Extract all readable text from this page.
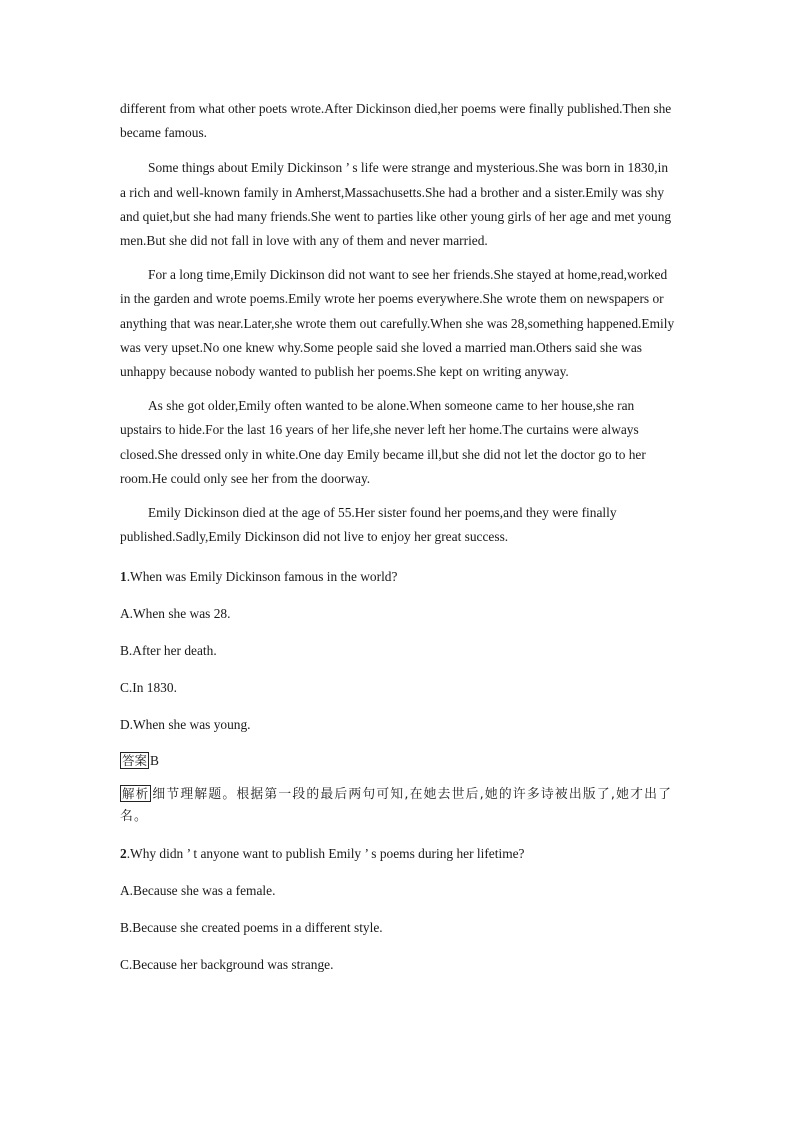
different from what other poets wrote.After Dickinson died,her poems were finally published.Then she became famous.

Some things about Emily Dickinson ’ s life were strange and mysterious.She was born in 1830,in a rich and well-known family in Amherst,Massachusetts.She had a brother and a sister.Emily was shy and quiet,but she had many friends.She went to parties like other young girls of her age and met young men.But she did not fall in love with any of them and never married.

For a long time,Emily Dickinson did not want to see her friends.She stayed at home,read,worked in the garden and wrote poems.Emily wrote her poems everywhere.She wrote them on newspapers or anything that was near.Later,she wrote them out carefully.When she was 28,something happened.Emily was very upset.No one knew why.Some people said she loved a married man.Others said she was unhappy because nobody wanted to publish her poems.She kept on writing anyway.

As she got older,Emily often wanted to be alone.When someone came to her house,she ran upstairs to hide.For the last 16 years of her life,she never left her home.The curtains were always closed.She dressed only in white.One day Emily became ill,but she did not let the doctor go to her room.He could only see her from the doorway.

Emily Dickinson died at the age of 55.Her sister found her poems,and they were finally published.Sadly,Emily Dickinson did not live to enjoy her great success.

1.When was Emily Dickinson famous in the world?

A.When she was 28.

B.After her death.

C.In 1830.

D.When she was young.

答案 B

解析 细节理解题。根据第一段的最后两句可知,在她去世后,她的许多诗被出版了,她才出了名。

2.Why didn ’ t anyone want to publish Emily ’ s poems during her lifetime?

A.Because she was a female.

B.Because she created poems in a different style.

C.Because her background was strange.
